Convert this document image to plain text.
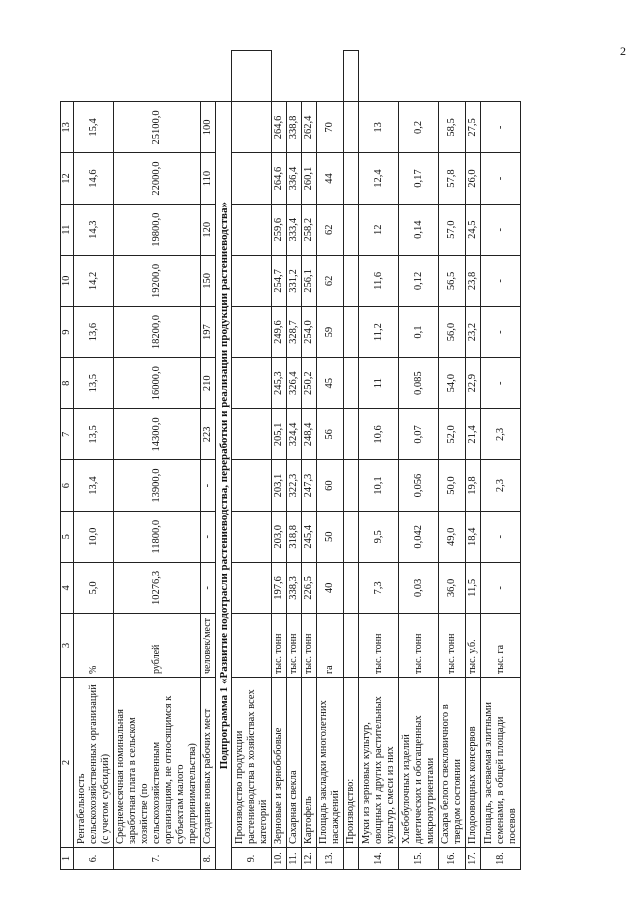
2
1	2	3	4	5	6	7	8	9	10	11	12	13	
6.	Рентабельность сельскохозяйственных организаций (с учетом субсидий)	%	5,0	10,0	13,4	13,5	13,5	13,6	14,2	14,3	14,6	15,4	
7.	Среднемесячная номинальная заработная плата в сельском хозяйстве (по сельскохозяйственным организациям, не относящимся к субъектам малого предпринимательства)	рублей	10276,3	11800,0	13900,0	14300,0	16000,0	18200,0	19200,0	19800,0	22000,0	25100,0	
8.	Создание новых рабочих мест	человек/мест	-	-	-	223	210	197	150	120	110	100	
Подпрограмма 1 «Развитие подотрасли растениеводства, переработки и реализации продукции растениеводства»													
9.	Производство продукции растениеводства в хозяйствах всех категорий												
10.	Зерновые и зернобобовые	тыс. тонн	197,6	203,0	203,1	205,1	245,3	249,6	254,7	259,6	264,6	264,6	
11.	Сахарная свекла	тыс. тонн	338,3	318,8	322,3	324,4	326,4	328,7	331,2	333,4	336,4	338,8	
12.	Картофель	тыс. тонн	226,5	245,4	247,3	248,4	250,2	254,0	256,1	258,2	260,1	262,4	
13.	Площадь закладки многолетних насаждений	га	40	50	60	56	45	59	62	62	44	70	
	Производство:												
14.	Муки из зерновых культур, овощных и других растительных культур, смеси из них	тыс. тонн	7,3	9,5	10,1	10,6	11	11,2	11,6	12	12,4	13	
15.	Хлебобулочных изделий диетических и обогащенных микронутриентами	тыс. тонн	0,03	0,042	0,056	0,07	0,085	0,1	0,12	0,14	0,17	0,2	
16.	Сахара белого свекловичного в твердом состоянии	тыс. тонн	36,0	49,0	50,0	52,0	54,0	56,0	56,5	57,0	57,8	58,5	
17.	Плодоовощных консервов	тыс. у.б.	11,5	18,4	19,8	21,4	22,9	23,2	23,8	24,5	26,0	27,5	
18.	Площадь, засеваемая элитными семенами, в общей площади посевов	тыс. га	-	-	2,3	2,3	-	-	-	-	-	-	
